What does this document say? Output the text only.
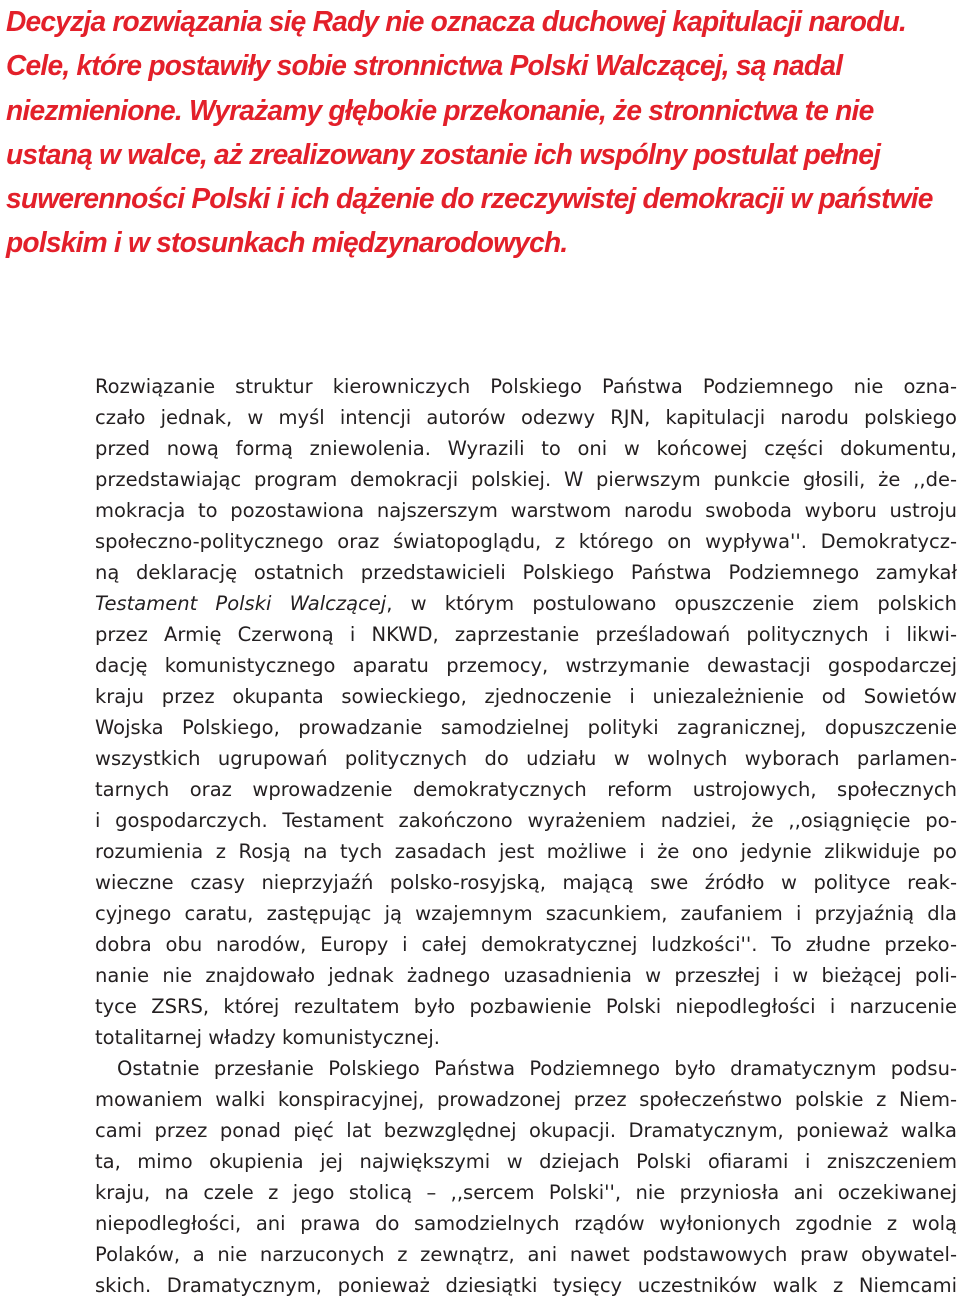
Decyzja rozwiązania się Rady nie oznacza duchowej kapitulacji narodu.
Cele, które postawiły sobie stronnictwa Polski Walczącej, są nadal
niezmienione. Wyrażamy głębokie przekonanie, że stronnictwa te nie
ustaną w walce, aż zrealizowany zostanie ich wspólny postulat pełnej
suwerenności Polski i ich dążenie do rzeczywistej demokracji w państwie
polskim i w stosunkach międzynarodowych.
Rozwiązanie struktur kierowniczych Polskiego Państwa Podziemnego nie ozna-
czało jednak, w myśl intencji autorów odezwy RJN, kapitulacji narodu polskiego
przed nową formą zniewolenia. Wyrazili to oni w końcowej części dokumentu,
przedstawiając program demokracji polskiej. W pierwszym punkcie głosili, że ,,de-
mokracja to pozostawiona najszerszym warstwom narodu swoboda wyboru ustroju
społeczno-politycznego oraz światopoglądu, z którego on wypływa''. Demokratycz-
ną deklarację ostatnich przedstawicieli Polskiego Państwa Podziemnego zamykał
Testament Polski Walczącej, w którym postulowano opuszczenie ziem polskich
przez Armię Czerwoną i NKWD, zaprzestanie prześladowań politycznych i likwi-
dację komunistycznego aparatu przemocy, wstrzymanie dewastacji gospodarczej
kraju przez okupanta sowieckiego, zjednoczenie i uniezależnienie od Sowietów
Wojska Polskiego, prowadzanie samodzielnej polityki zagranicznej, dopuszczenie
wszystkich ugrupowań politycznych do udziału w wolnych wyborach parlamen-
tarnych oraz wprowadzenie demokratycznych reform ustrojowych, społecznych
i gospodarczych. Testament zakończono wyrażeniem nadziei, że ,,osiągnięcie po-
rozumienia z Rosją na tych zasadach jest możliwe i że ono jedynie zlikwiduje po
wieczne czasy nieprzyjaźń polsko-rosyjską, mającą swe źródło w polityce reak-
cyjnego caratu, zastępując ją wzajemnym szacunkiem, zaufaniem i przyjaźnią dla
dobra obu narodów, Europy i całej demokratycznej ludzkości''. To złudne przeko-
nanie nie znajdowało jednak żadnego uzasadnienia w przeszłej i w bieżącej poli-
tyce ZSRS, której rezultatem było pozbawienie Polski niepodległości i narzucenie
totalitarnej władzy komunistycznej.
Ostatnie przesłanie Polskiego Państwa Podziemnego było dramatycznym podsu-
mowaniem walki konspiracyjnej, prowadzonej przez społeczeństwo polskie z Niem-
cami przez ponad pięć lat bezwzględnej okupacji. Dramatycznym, ponieważ walka
ta, mimo okupienia jej największymi w dziejach Polski ofiarami i zniszczeniem
kraju, na czele z jego stolicą – ,,sercem Polski'', nie przyniosła ani oczekiwanej
niepodległości, ani prawa do samodzielnych rządów wyłonionych zgodnie z wolą
Polaków, a nie narzuconych z zewnątrz, ani nawet podstawowych praw obywatel-
skich. Dramatycznym, ponieważ dziesiątki tysięcy uczestników walk z Niemcami
